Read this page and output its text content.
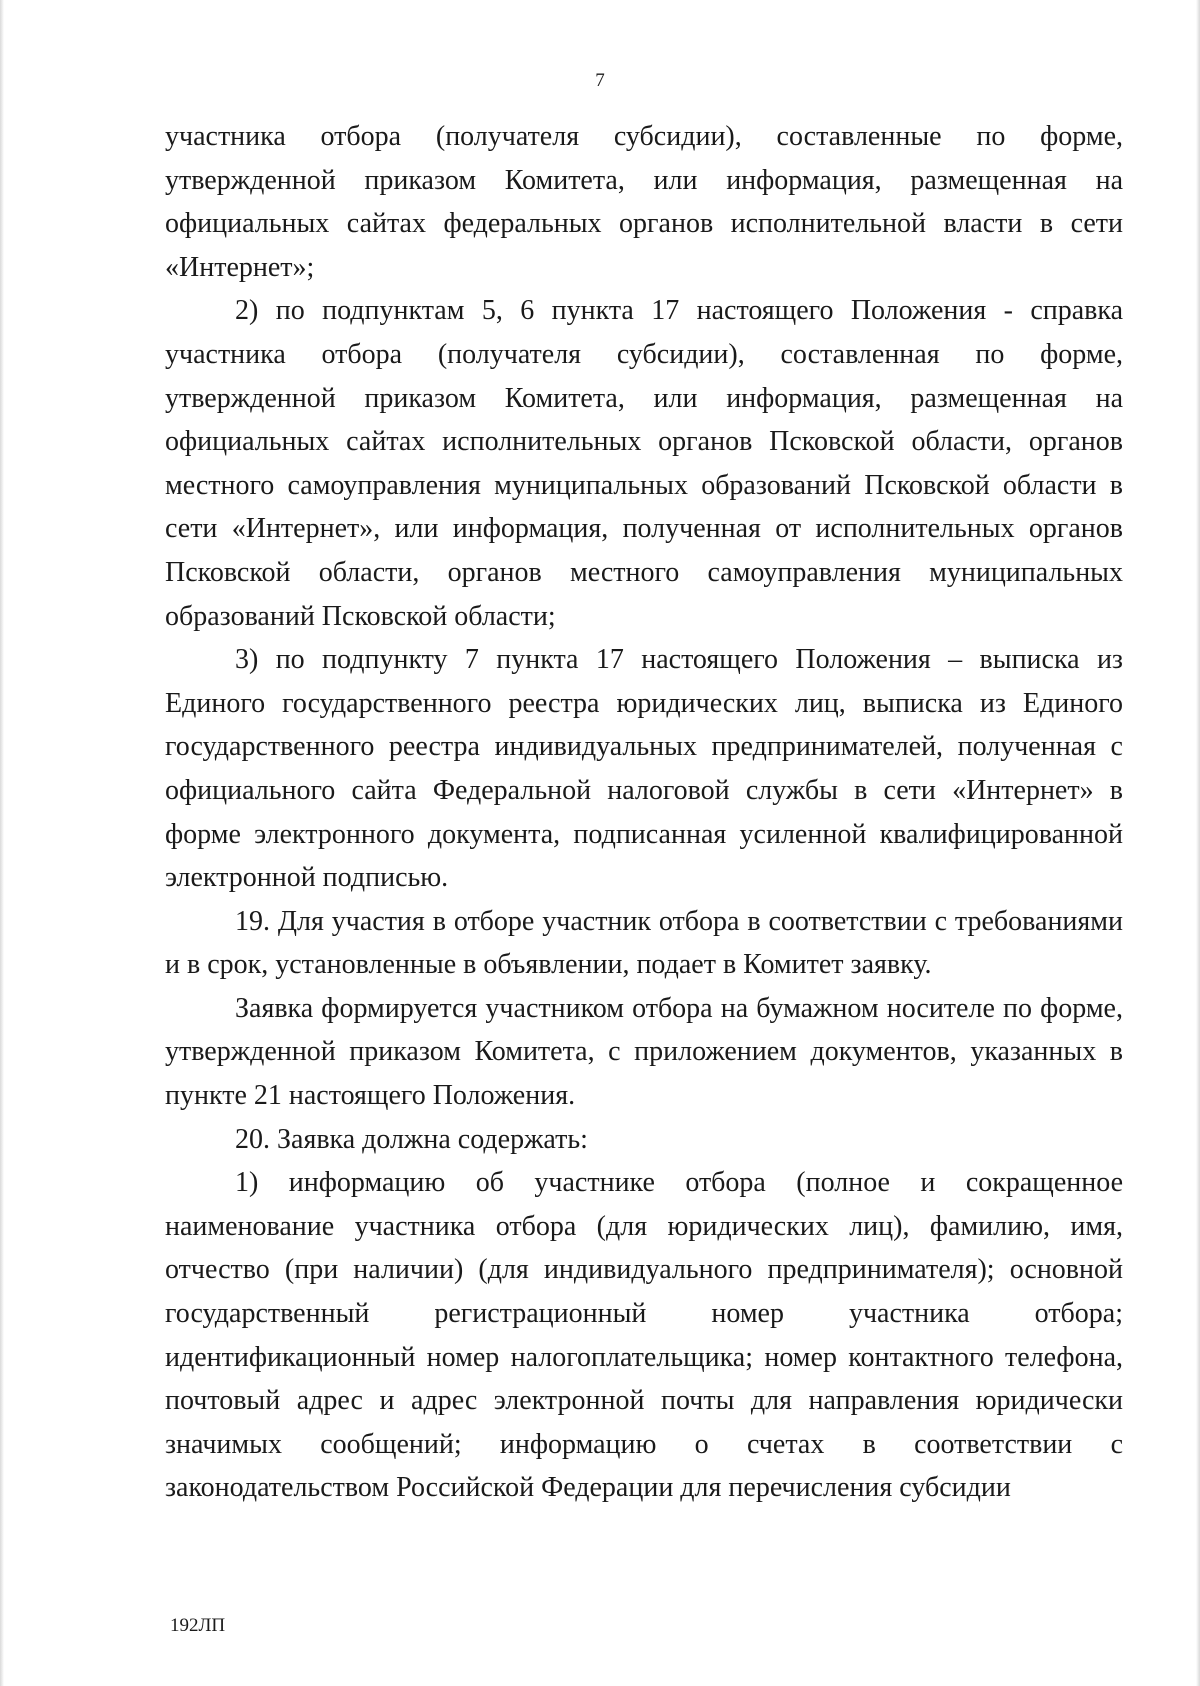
7

участника отбора (получателя субсидии), составленные по форме, утвержденной приказом Комитета, или информация, размещенная на официальных сайтах федеральных органов исполнительной власти в сети «Интернет»;

2) по подпунктам 5, 6 пункта 17 настоящего Положения - справка участника отбора (получателя субсидии), составленная по форме, утвержденной приказом Комитета, или информация, размещенная на официальных сайтах исполнительных органов Псковской области, органов местного самоуправления муниципальных образований Псковской области в сети «Интернет», или информация, полученная от исполнительных органов Псковской области, органов местного самоуправления муниципальных образований Псковской области;

3) по подпункту 7 пункта 17 настоящего Положения – выписка из Единого государственного реестра юридических лиц, выписка из Единого государственного реестра индивидуальных предпринимателей, полученная с официального сайта Федеральной налоговой службы в сети «Интернет» в форме электронного документа, подписанная усиленной квалифицированной электронной подписью.

19. Для участия в отборе участник отбора в соответствии с требованиями и в срок, установленные в объявлении, подает в Комитет заявку.

Заявка формируется участником отбора на бумажном носителе по форме, утвержденной приказом Комитета, с приложением документов, указанных в пункте 21 настоящего Положения.

20. Заявка должна содержать:

1) информацию об участнике отбора (полное и сокращенное наименование участника отбора (для юридических лиц), фамилию, имя, отчество (при наличии) (для индивидуального предпринимателя); основной государственный регистрационный номер участника отбора; идентификационный номер налогоплательщика; номер контактного телефона, почтовый адрес и адрес электронной почты для направления юридически значимых сообщений; информацию о счетах в соответствии с законодательством Российской Федерации для перечисления субсидии

192ЛП
